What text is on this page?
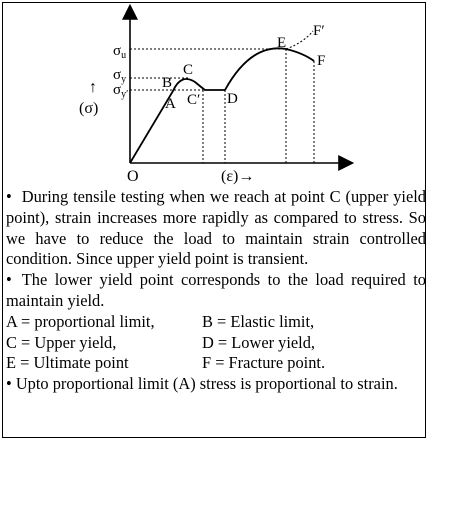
$\sigma_u$
$\sigma_y$
$\sigma_{y'}$
↑
(σ)
O	(ε)→
A
B
C
C′ D
E
F
F′

• During tensile testing when we reach at point C (upper yield point), strain increases more rapidly as compared to stress. So we have to reduce the load to maintain strain controlled condition. Since upper yield point is transient.

• The lower yield point corresponds to the load required to maintain yield.

A = proportional limit,	B = Elastic limit,
C = Upper yield,	D = Lower yield,
E = Ultimate point	F = Fracture point.

• Upto proportional limit (A) stress is proportional to strain.
